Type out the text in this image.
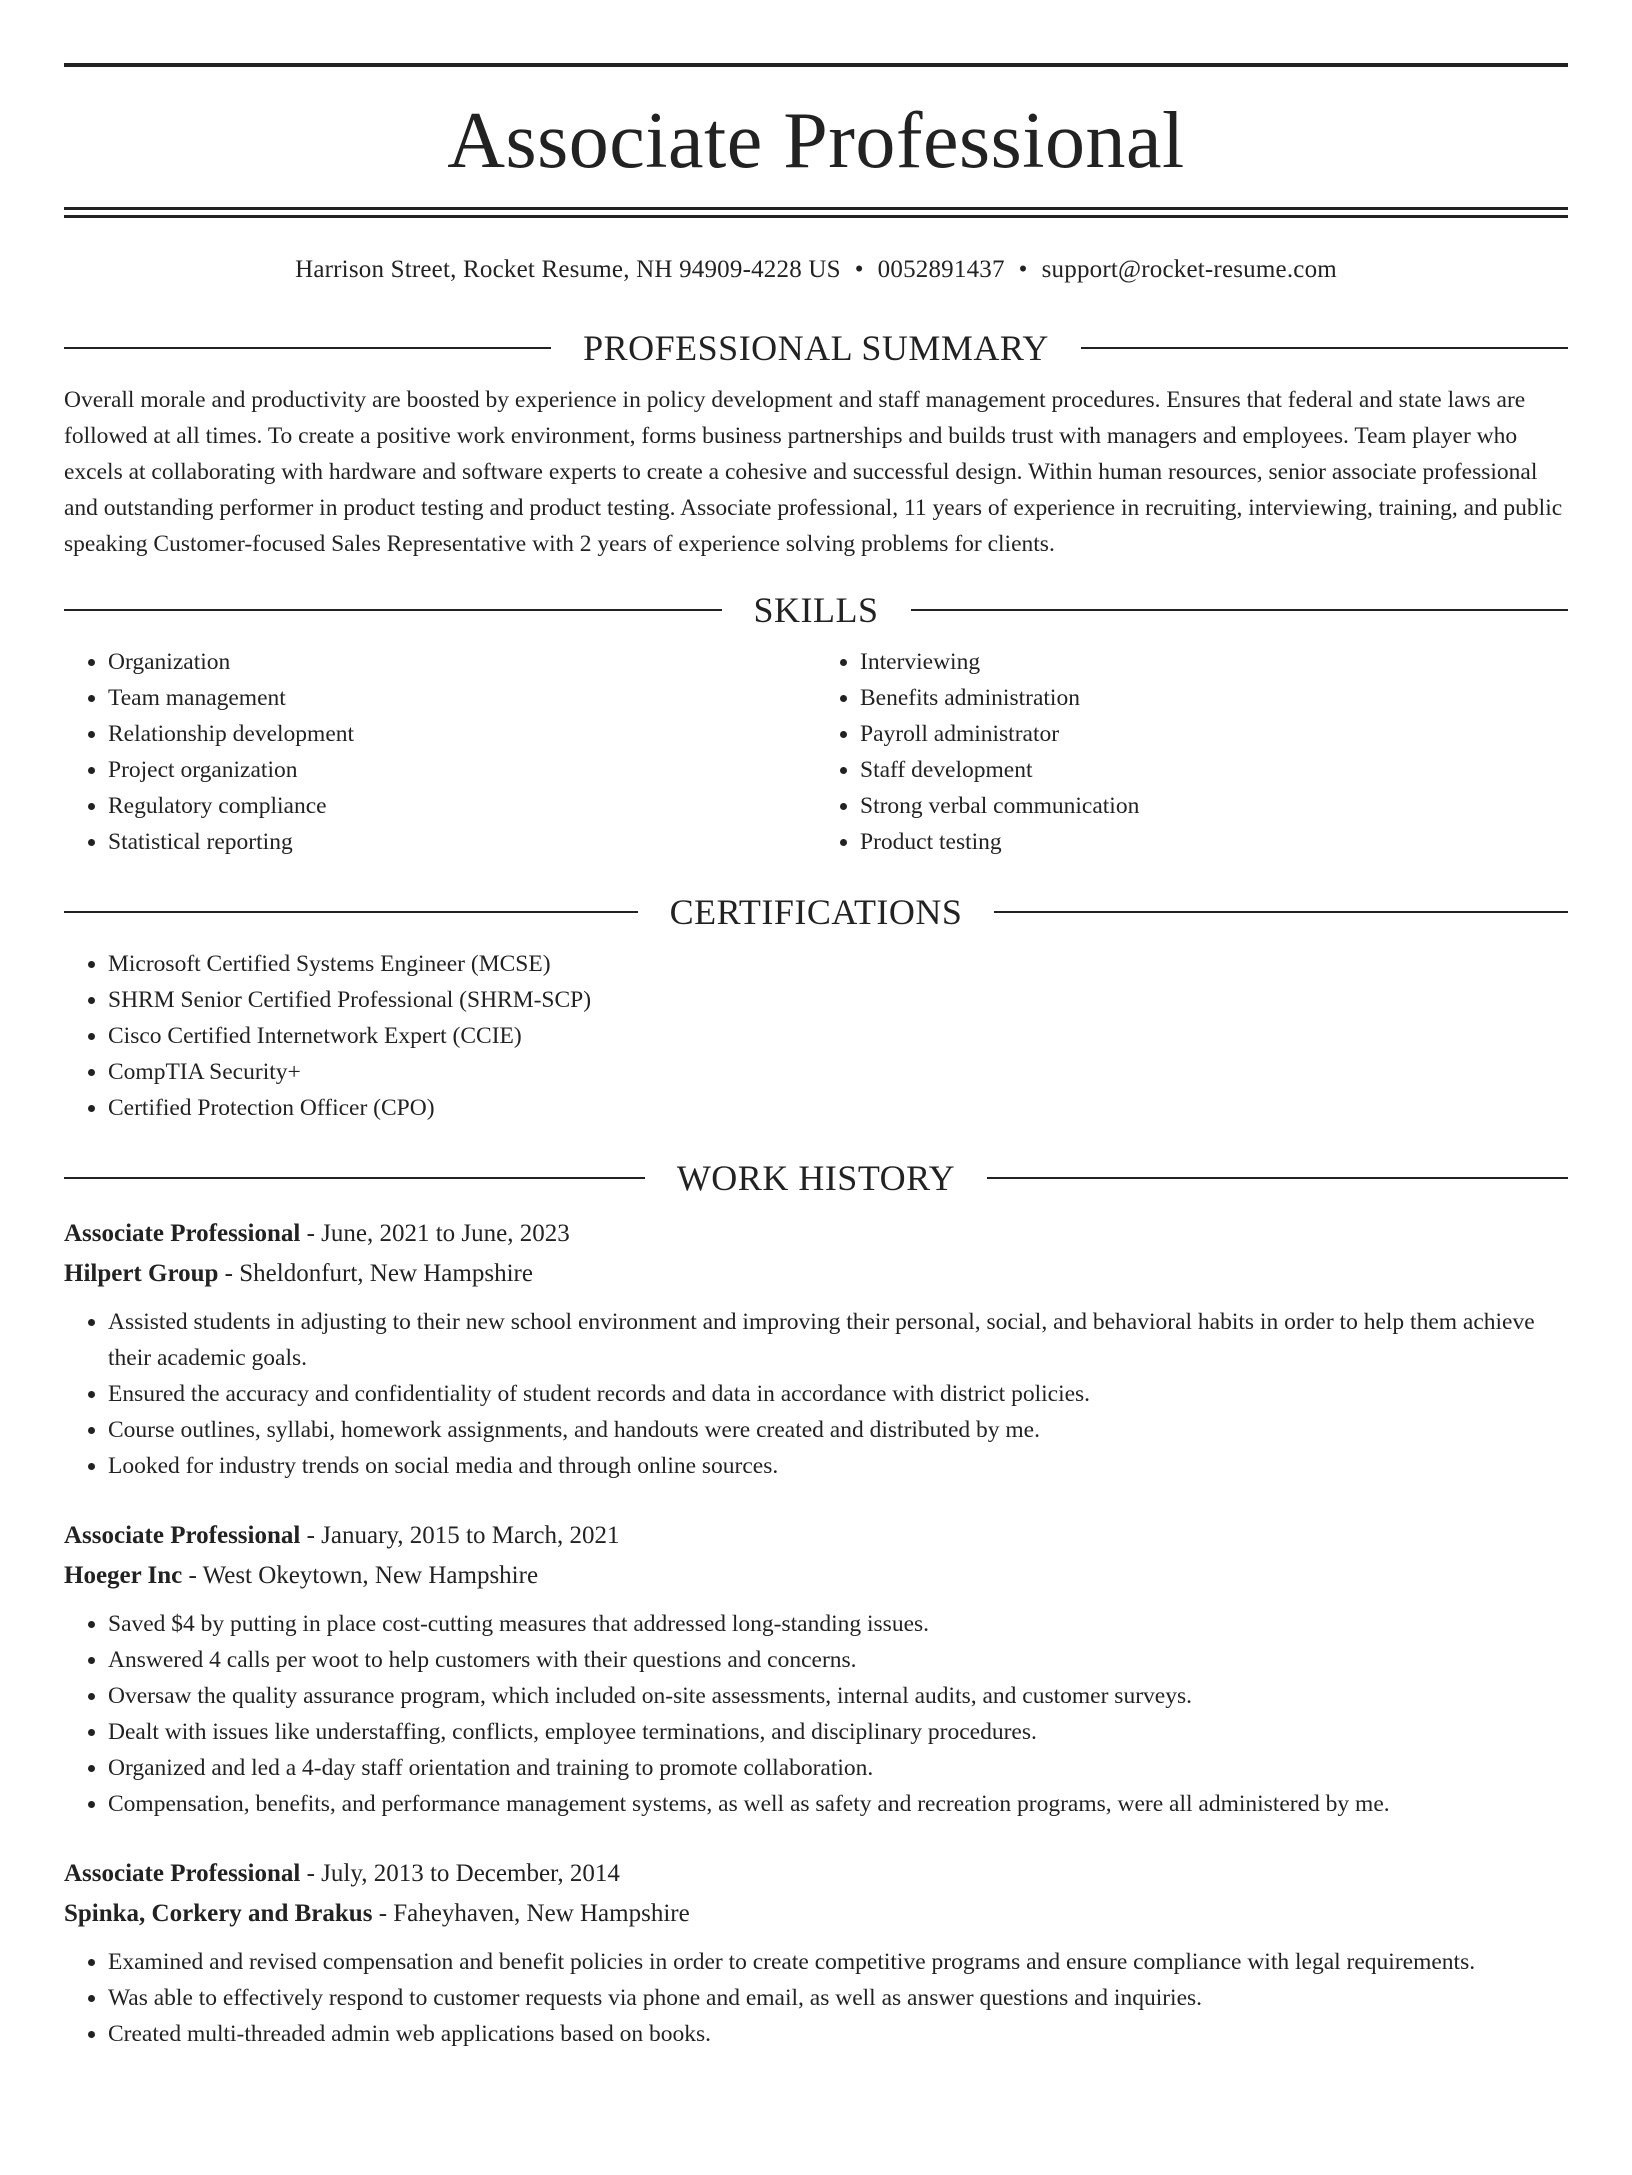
Associate Professional
Harrison Street, Rocket Resume, NH 94909-4228 US • 0052891437 • support@rocket-resume.com
PROFESSIONAL SUMMARY

Overall morale and productivity are boosted by experience in policy development and staff management procedures. Ensures that federal and state laws are followed at all times. To create a positive work environment, forms business partnerships and builds trust with managers and employees. Team player who excels at collaborating with hardware and software experts to create a cohesive and successful design. Within human resources, senior associate professional and outstanding performer in product testing and product testing. Associate professional, 11 years of experience in recruiting, interviewing, training, and public speaking Customer-focused Sales Representative with 2 years of experience solving problems for clients.

SKILLS
• Organization
• Team management
• Relationship development
• Project organization
• Regulatory compliance
• Statistical reporting
• Interviewing
• Benefits administration
• Payroll administrator
• Staff development
• Strong verbal communication
• Product testing
CERTIFICATIONS
• Microsoft Certified Systems Engineer (MCSE)
• SHRM Senior Certified Professional (SHRM-SCP)
• Cisco Certified Internetwork Expert (CCIE)
• CompTIA Security+
• Certified Protection Officer (CPO)
WORK HISTORY
Associate Professional - June, 2021 to June, 2023
Hilpert Group - Sheldonfurt, New Hampshire
• Assisted students in adjusting to their new school environment and improving their personal, social, and behavioral habits in order to help them achieve their academic goals.
• Ensured the accuracy and confidentiality of student records and data in accordance with district policies.
• Course outlines, syllabi, homework assignments, and handouts were created and distributed by me.
• Looked for industry trends on social media and through online sources.
Associate Professional - January, 2015 to March, 2021
Hoeger Inc - West Okeytown, New Hampshire
• Saved $4 by putting in place cost-cutting measures that addressed long-standing issues.
• Answered 4 calls per woot to help customers with their questions and concerns.
• Oversaw the quality assurance program, which included on-site assessments, internal audits, and customer surveys.
• Dealt with issues like understaffing, conflicts, employee terminations, and disciplinary procedures.
• Organized and led a 4-day staff orientation and training to promote collaboration.
• Compensation, benefits, and performance management systems, as well as safety and recreation programs, were all administered by me.
Associate Professional - July, 2013 to December, 2014
Spinka, Corkery and Brakus - Faheyhaven, New Hampshire
• Examined and revised compensation and benefit policies in order to create competitive programs and ensure compliance with legal requirements.
• Was able to effectively respond to customer requests via phone and email, as well as answer questions and inquiries.
• Created multi-threaded admin web applications based on books.
